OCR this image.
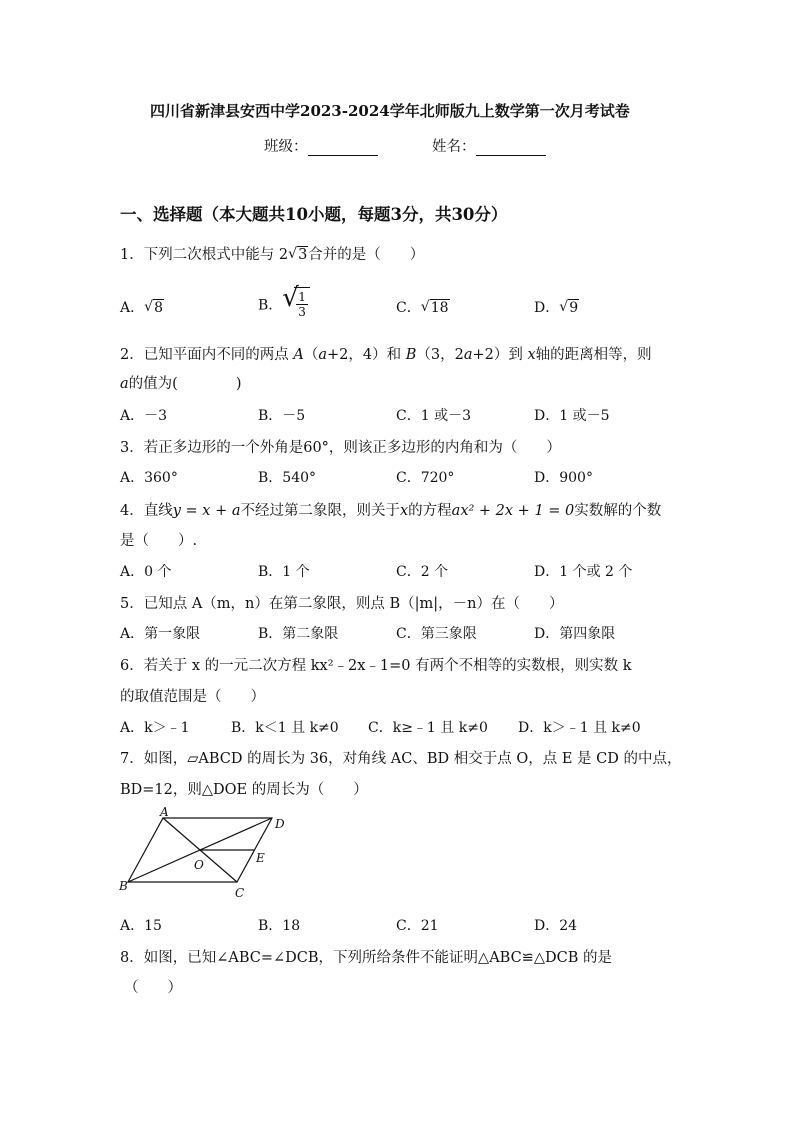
四川省新津县安西中学2023-2024学年北师版九上数学第一次月考试卷
班级：	姓名：
一、选择题（本大题共10小题，每题3分，共30分）
1．下列二次根式中能与 2 √ 3合并的是（　　）
A． √ 8	B． √
$\frac{1}{3}$	C． √ 18	D． √ 9
2．已知平面内不同的两点 A（a+2，4）和 B（3，2a+2）到 x轴的距离相等，则
a的值为(　　　　)
A．－3	B．－5	C．1 或－3	D．1 或－5
3．若正多边形的一个外角是60°，则该正多边形的内角和为（　　）
A．360°	B．540°	C．720°	D．900°
4．直线y = x + a不经过第二象限，则关于x的方程ax² + 2x + 1 = 0实数解的个数
是（　　）.
A．0 个	B．1 个	C．2 个	D．1 个或 2 个
5．已知点 A（m，n）在第二象限，则点 B（|m|，－n）在（　　）
A．第一象限	B．第二象限	C．第三象限	D．第四象限
6．若关于 x 的一元二次方程 kx²﹣2x﹣1=0 有两个不相等的实数根，则实数 k
的取值范围是（　　）
A．k＞﹣1	B．k＜1 且 k≠0 C．k≥﹣1 且 k≠0 D．k＞﹣1 且 k≠0
7．如图，▱ABCD 的周长为 36，对角线 AC、BD 相交于点 O，点 E 是 CD 的中点，
BD=12，则△DOE 的周长为（　　）
A
D
B	C
O	E
A．15	B．18	C．21	D．24
8．如图，已知∠ABC=∠DCB，下列所给条件不能证明△ABC≌△DCB 的是
（　　）
